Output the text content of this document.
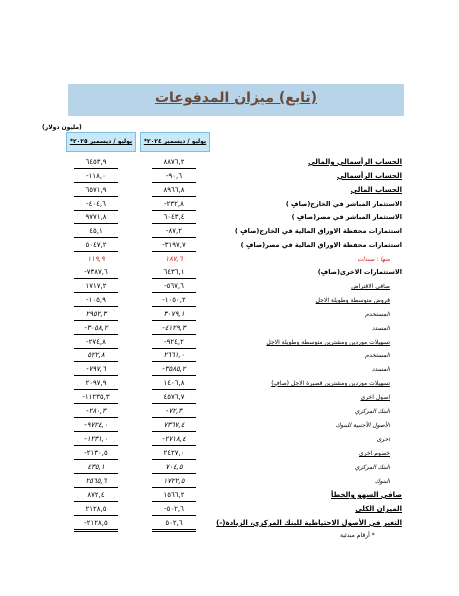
(تابع) ميزان المدفوعات
(مليون دولار)
يوليو / ديسمبر ٢٠٢٤*
يوليو / ديسمبر ٢٠٢٥*
الحساب الرأسمالي والمالي
٨٨٧٦,٢
٦٤٥٣,٩
الحساب الرأسمالي
-٩٠,٦
-١١٨,٠
الحساب المالي
٨٩٦٦,٨
٦٥٧١,٩
الاستثمار المباشر في الخارج(صافٍ )
-٢٣٢,٨
-٤٠٤,٦
الاستثمار المباشر في مصر(صافٍ )
٦٠٤٣,٤
٩٧٧١,٨
استثمارات محفظة الاوراق المالية في الخارج(صافٍ )
-٨٧,٢
٤٥,١
استثمارات محفظة الاوراق المالية في مصر(صافٍ )
-٣١٩٧,٧
٥٠٤٧,٢
منها : سندات
١٨٧,٦
١١٩,٩
الاستثمارات الاخرى(صافٍ)
٦٤٣٦,١
-٧٣٨٧,٦
صافي الاقتراض
-٥٦٧,٦
١٧١٧,٢
قروض متوسطة وطويلة الاجل
-١٠٥٠,٢
-١٠٥,٩
المستخدم
٣٠٧٩,١
٢٩٥٢,٣
المسدد
-٤١٢٩,٣
-٣٠٥٨,٢
تسهيلات موردين ومشترين متوسطة وطويلة الاجل
-٩٢٤,٢
-٢٧٤,٨
المستخدم
٢٦٦١,٠
٥٢٢,٨
المسدد
-٣٥٨٥,٢
-٧٩٧,٦
تسهيلات موردين ومشترين قصيرة الاجل (صافٍ)
١٤٠٦,٨
٢٠٩٧,٩
اصول اخرى
٤٥٧٦,٧
-١١٢٣٥,٣
البنك المركزي
-٧٢,٣
-٢٨٠,٣
الأصول الأجنبية للبنوك
٧٣٦٧,٤
-٩٧٢٤,٠
اخرى
-٢٧١٨,٤
-١٢٣١,٠
خصوم اخرى
٢٤٢٧,٠
-٢١٣٠,٥
البنك المركزي
٧٠٤,٥
٤٣٥,١
البنوك
١٧٢٢,٥
٢٥٦٥,٦
صافي السهو والخطأ
١٥٦٦,٢
٨٧٢,٤
الميزان الكلى
-٥٠٢,٦
٢١٢٨,٥
التغير في الأصول الاحتياطية للبنك المركزي، الزيادة(-)
٥٠٢,٦
-٢١٢٨,٥
* أرقام مبدئية
